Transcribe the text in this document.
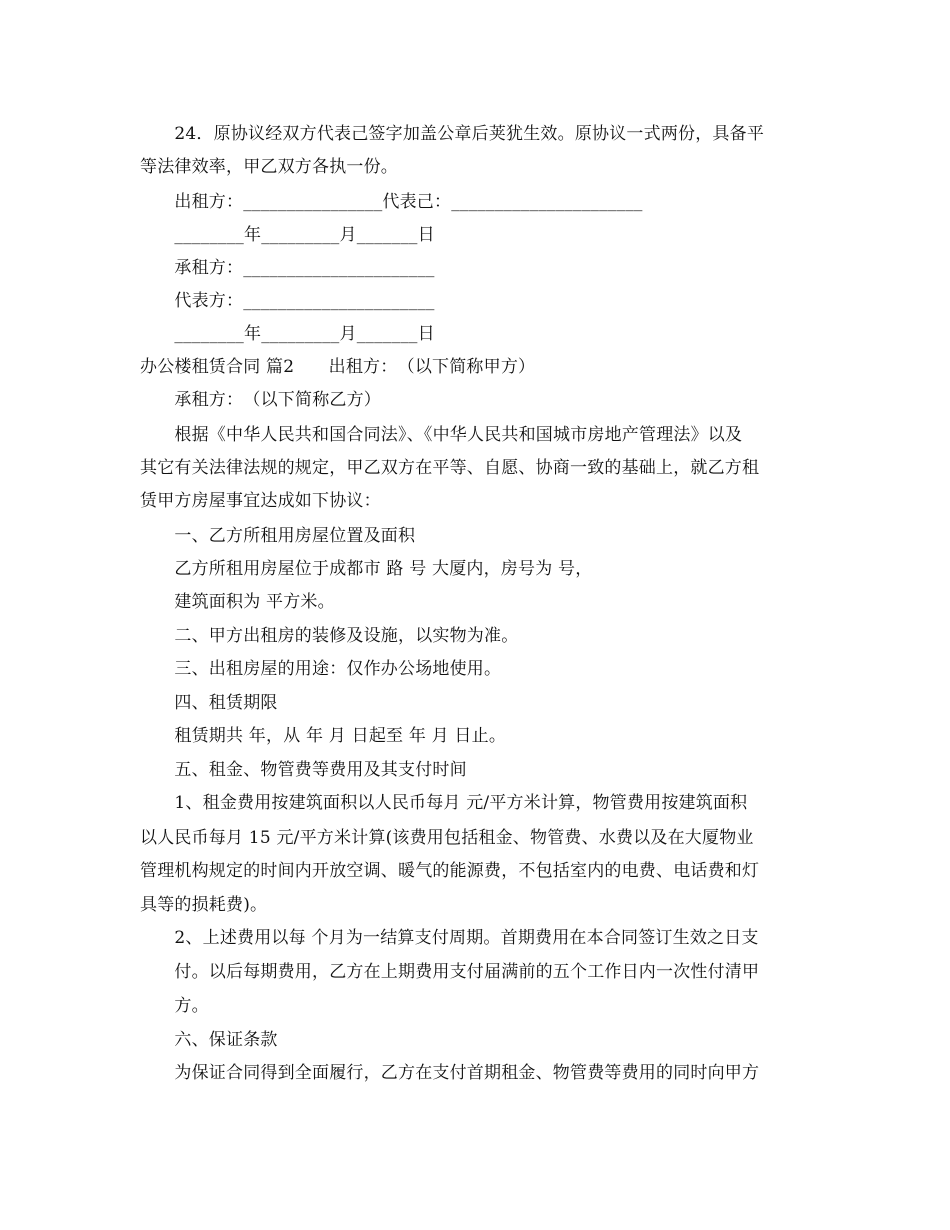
　　24．原协议经双方代表己签字加盖公章后荚犹生效。原协议一式两份，具备平
等法律效率，甲乙双方各执一份。
　　出租方：________________代表己：______________________
　　________年_________月_______日
　　承租方：______________________
　　代表方：______________________
　　________年_________月_______日
办公楼租赁合同 篇2　　出租方：　（以下简称甲方）
　　承租方：　（以下简称乙方）
　　根据《中华人民共和国合同法》、《中华人民共和国城市房地产管理法》以及
其它有关法律法规的规定，甲乙双方在平等、自愿、协商一致的基础上，就乙方租
赁甲方房屋事宜达成如下协议：
　　一、乙方所租用房屋位置及面积
　　乙方所租用房屋位于成都市 路 号 大厦内，房号为 号，
　　建筑面积为 平方米。
　　二、甲方出租房的装修及设施，以实物为准。
　　三、出租房屋的用途：仅作办公场地使用。
　　四、租赁期限
　　租赁期共 年，从 年 月 日起至 年 月 日止。
　　五、租金、物管费等费用及其支付时间
　　1、租金费用按建筑面积以人民币每月 元/平方米计算，物管费用按建筑面积
以人民币每月 15 元/平方米计算(该费用包括租金、物管费、水费以及在大厦物业
管理机构规定的时间内开放空调、暖气的能源费，不包括室内的电费、电话费和灯
具等的损耗费)。
　　2、上述费用以每 个月为一结算支付周期。首期费用在本合同签订生效之日支
　　付。以后每期费用，乙方在上期费用支付届满前的五个工作日内一次性付清甲
　　方。
　　六、保证条款
　　为保证合同得到全面履行，乙方在支付首期租金、物管费等费用的同时向甲方
